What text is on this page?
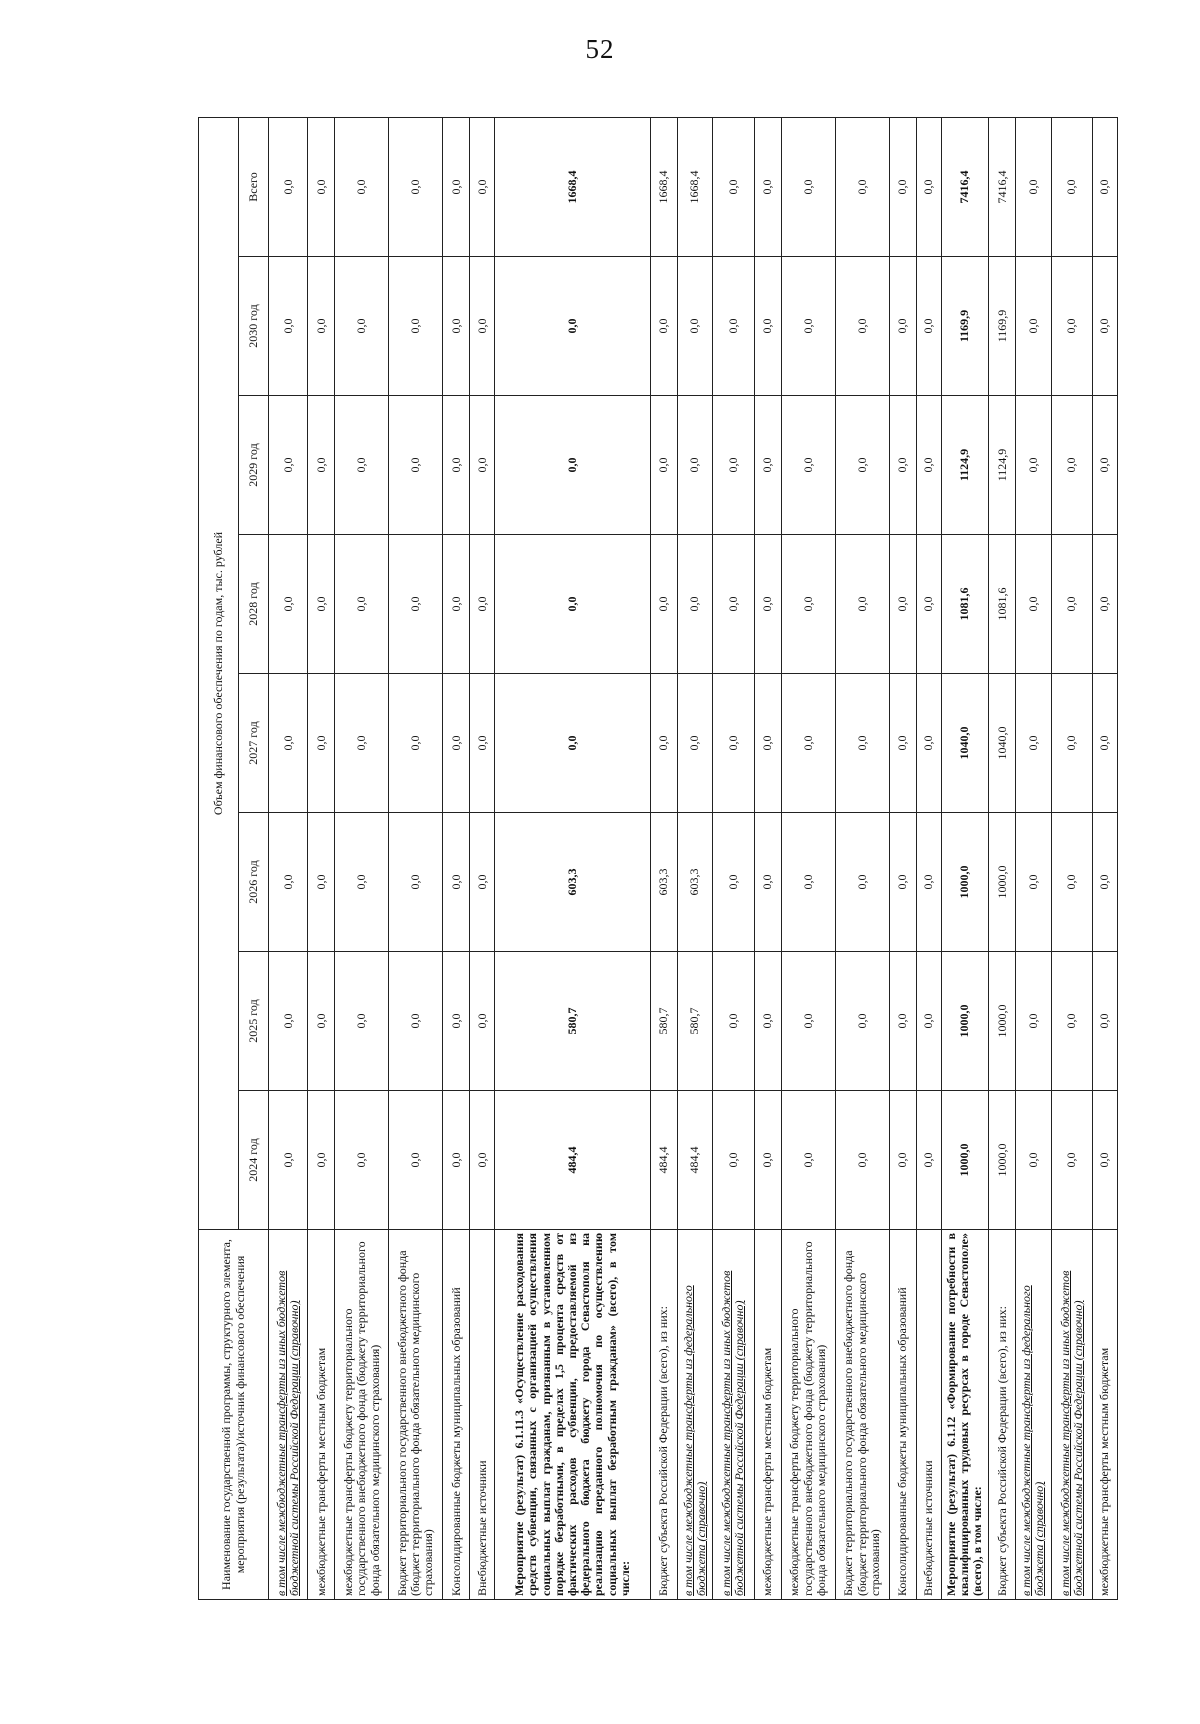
52
Наименование государственной программы, структурного элемента, мероприятия (результата)/источник финансового обеспечения	Объем финансового обеспечения по годам, тыс. рублей							
	2024 год	2025 год	2026 год	2027 год	2028 год	2029 год	2030 год	Всего
в том числе межбюджетные трансферты из иных бюджетов бюджетной системы Российской Федерации (справочно)	0,0	0,0	0,0	0,0	0,0	0,0	0,0	0,0
межбюджетные трансферты местным бюджетам	0,0	0,0	0,0	0,0	0,0	0,0	0,0	0,0
межбюджетные трансферты бюджету территориального государственного внебюджетного фонда (бюджету территориального фонда обязательного медицинского страхования)	0,0	0,0	0,0	0,0	0,0	0,0	0,0	0,0
Бюджет территориального государственного внебюджетного фонда (бюджет территориального фонда обязательного медицинского страхования)	0,0	0,0	0,0	0,0	0,0	0,0	0,0	0,0
Консолидированные бюджеты муниципальных образований	0,0	0,0	0,0	0,0	0,0	0,0	0,0	0,0
Внебюджетные источники	0,0	0,0	0,0	0,0	0,0	0,0	0,0	0,0
Мероприятие (результат) 6.1.11.3 «Осуществление расходования средств субвенции, связанных с организацией осуществления социальных выплат гражданам, признанным в установленном порядке безработными, в пределах 1,5 процента средств от фактических расходов субвенции, предоставляемой из федерального бюджета бюджету города Севастополя на реализацию переданного полномочия по осуществлению социальных выплат безработным гражданам» (всего), в том числе:	484,4	580,7	603,3	0,0	0,0	0,0	0,0	1668,4
Бюджет субъекта Российской Федерации (всего), из них:	484,4	580,7	603,3	0,0	0,0	0,0	0,0	1668,4
в том числе межбюджетные трансферты из федерального бюджета (справочно)	484,4	580,7	603,3	0,0	0,0	0,0	0,0	1668,4
в том числе межбюджетные трансферты из иных бюджетов бюджетной системы Российской Федерации (справочно)	0,0	0,0	0,0	0,0	0,0	0,0	0,0	0,0
межбюджетные трансферты местным бюджетам	0,0	0,0	0,0	0,0	0,0	0,0	0,0	0,0
межбюджетные трансферты бюджету территориального государственного внебюджетного фонда (бюджету территориального фонда обязательного медицинского страхования)	0,0	0,0	0,0	0,0	0,0	0,0	0,0	0,0
Бюджет территориального государственного внебюджетного фонда (бюджет территориального фонда обязательного медицинского страхования)	0,0	0,0	0,0	0,0	0,0	0,0	0,0	0,0
Консолидированные бюджеты муниципальных образований	0,0	0,0	0,0	0,0	0,0	0,0	0,0	0,0
Внебюджетные источники	0,0	0,0	0,0	0,0	0,0	0,0	0,0	0,0
Мероприятие (результат) 6.1.12 «Формирование потребности в квалифицированных трудовых ресурсах в городе Севастополе» (всего), в том числе:	1000,0	1000,0	1000,0	1040,0	1081,6	1124,9	1169,9	7416,4
Бюджет субъекта Российской Федерации (всего), из них:	1000,0	1000,0	1000,0	1040,0	1081,6	1124,9	1169,9	7416,4
в том числе межбюджетные трансферты из федерального бюджета (справочно)	0,0	0,0	0,0	0,0	0,0	0,0	0,0	0,0
в том числе межбюджетные трансферты из иных бюджетов бюджетной системы Российской Федерации (справочно)	0,0	0,0	0,0	0,0	0,0	0,0	0,0	0,0
межбюджетные трансферты местным бюджетам	0,0	0,0	0,0	0,0	0,0	0,0	0,0	0,0
